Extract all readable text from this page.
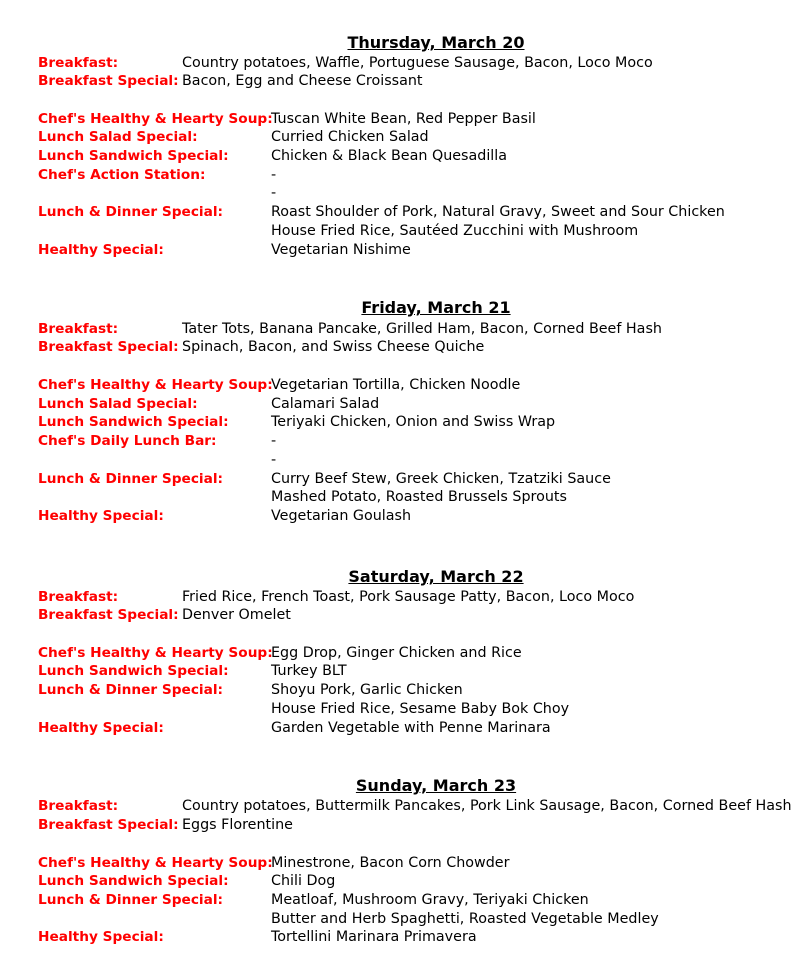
Thursday, March 20
Breakfast:	Country potatoes, Waffle, Portuguese Sausage, Bacon, Loco Moco
Breakfast Special: Bacon, Egg and Cheese Croissant
Chef's Healthy & Hearty Soup:
Tuscan White Bean, Red Pepper Basil
Lunch Salad Special:	Curried Chicken Salad
Lunch Sandwich Special:	Chicken & Black Bean Quesadilla
Chef's Action Station:	-
-
Lunch & Dinner Special:	Roast Shoulder of Pork, Natural Gravy, Sweet and Sour Chicken
House Fried Rice, Sautéed Zucchini with Mushroom
Healthy Special:	Vegetarian Nishime
Friday, March 21
Breakfast:	Tater Tots, Banana Pancake, Grilled Ham, Bacon, Corned Beef Hash
Breakfast Special: Spinach, Bacon, and Swiss Cheese Quiche
Chef's Healthy & Hearty Soup:
Vegetarian Tortilla, Chicken Noodle
Lunch Salad Special:	Calamari Salad
Lunch Sandwich Special:	Teriyaki Chicken, Onion and Swiss Wrap
Chef's Daily Lunch Bar:	-
-
Lunch & Dinner Special:	Curry Beef Stew, Greek Chicken, Tzatziki Sauce
Mashed Potato, Roasted Brussels Sprouts
Healthy Special:	Vegetarian Goulash
Saturday, March 22
Breakfast:	Fried Rice, French Toast, Pork Sausage Patty, Bacon, Loco Moco
Breakfast Special: Denver Omelet
Chef's Healthy & Hearty Soup:
Egg Drop, Ginger Chicken and Rice
Lunch Sandwich Special:	Turkey BLT
Lunch & Dinner Special:	Shoyu Pork, Garlic Chicken
House Fried Rice, Sesame Baby Bok Choy
Healthy Special:	Garden Vegetable with Penne Marinara
Sunday, March 23
Breakfast:	Country potatoes, Buttermilk Pancakes, Pork Link Sausage, Bacon, Corned Beef Hash
Breakfast Special: Eggs Florentine
Chef's Healthy & Hearty Soup:
Minestrone, Bacon Corn Chowder
Lunch Sandwich Special:	Chili Dog
Lunch & Dinner Special:	Meatloaf, Mushroom Gravy, Teriyaki Chicken
Butter and Herb Spaghetti, Roasted Vegetable Medley
Healthy Special:	Tortellini Marinara Primavera
